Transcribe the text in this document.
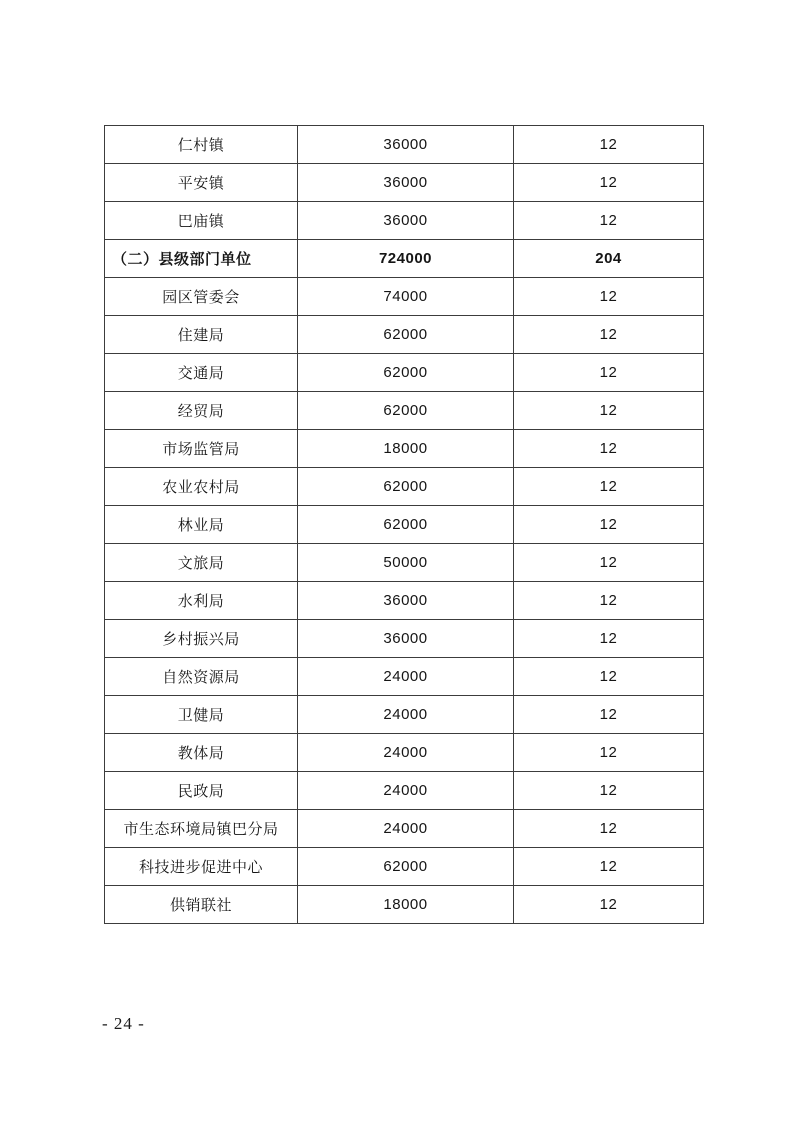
仁村镇	36000	12
平安镇	36000	12
巴庙镇	36000	12
（二）县级部门单位	724000	204
园区管委会	74000	12
住建局	62000	12
交通局	62000	12
经贸局	62000	12
市场监管局	18000	12
农业农村局	62000	12
林业局	62000	12
文旅局	50000	12
水利局	36000	12
乡村振兴局	36000	12
自然资源局	24000	12
卫健局	24000	12
教体局	24000	12
民政局	24000	12
市生态环境局镇巴分局	24000	12
科技进步促进中心	62000	12
供销联社	18000	12
- 24 -
